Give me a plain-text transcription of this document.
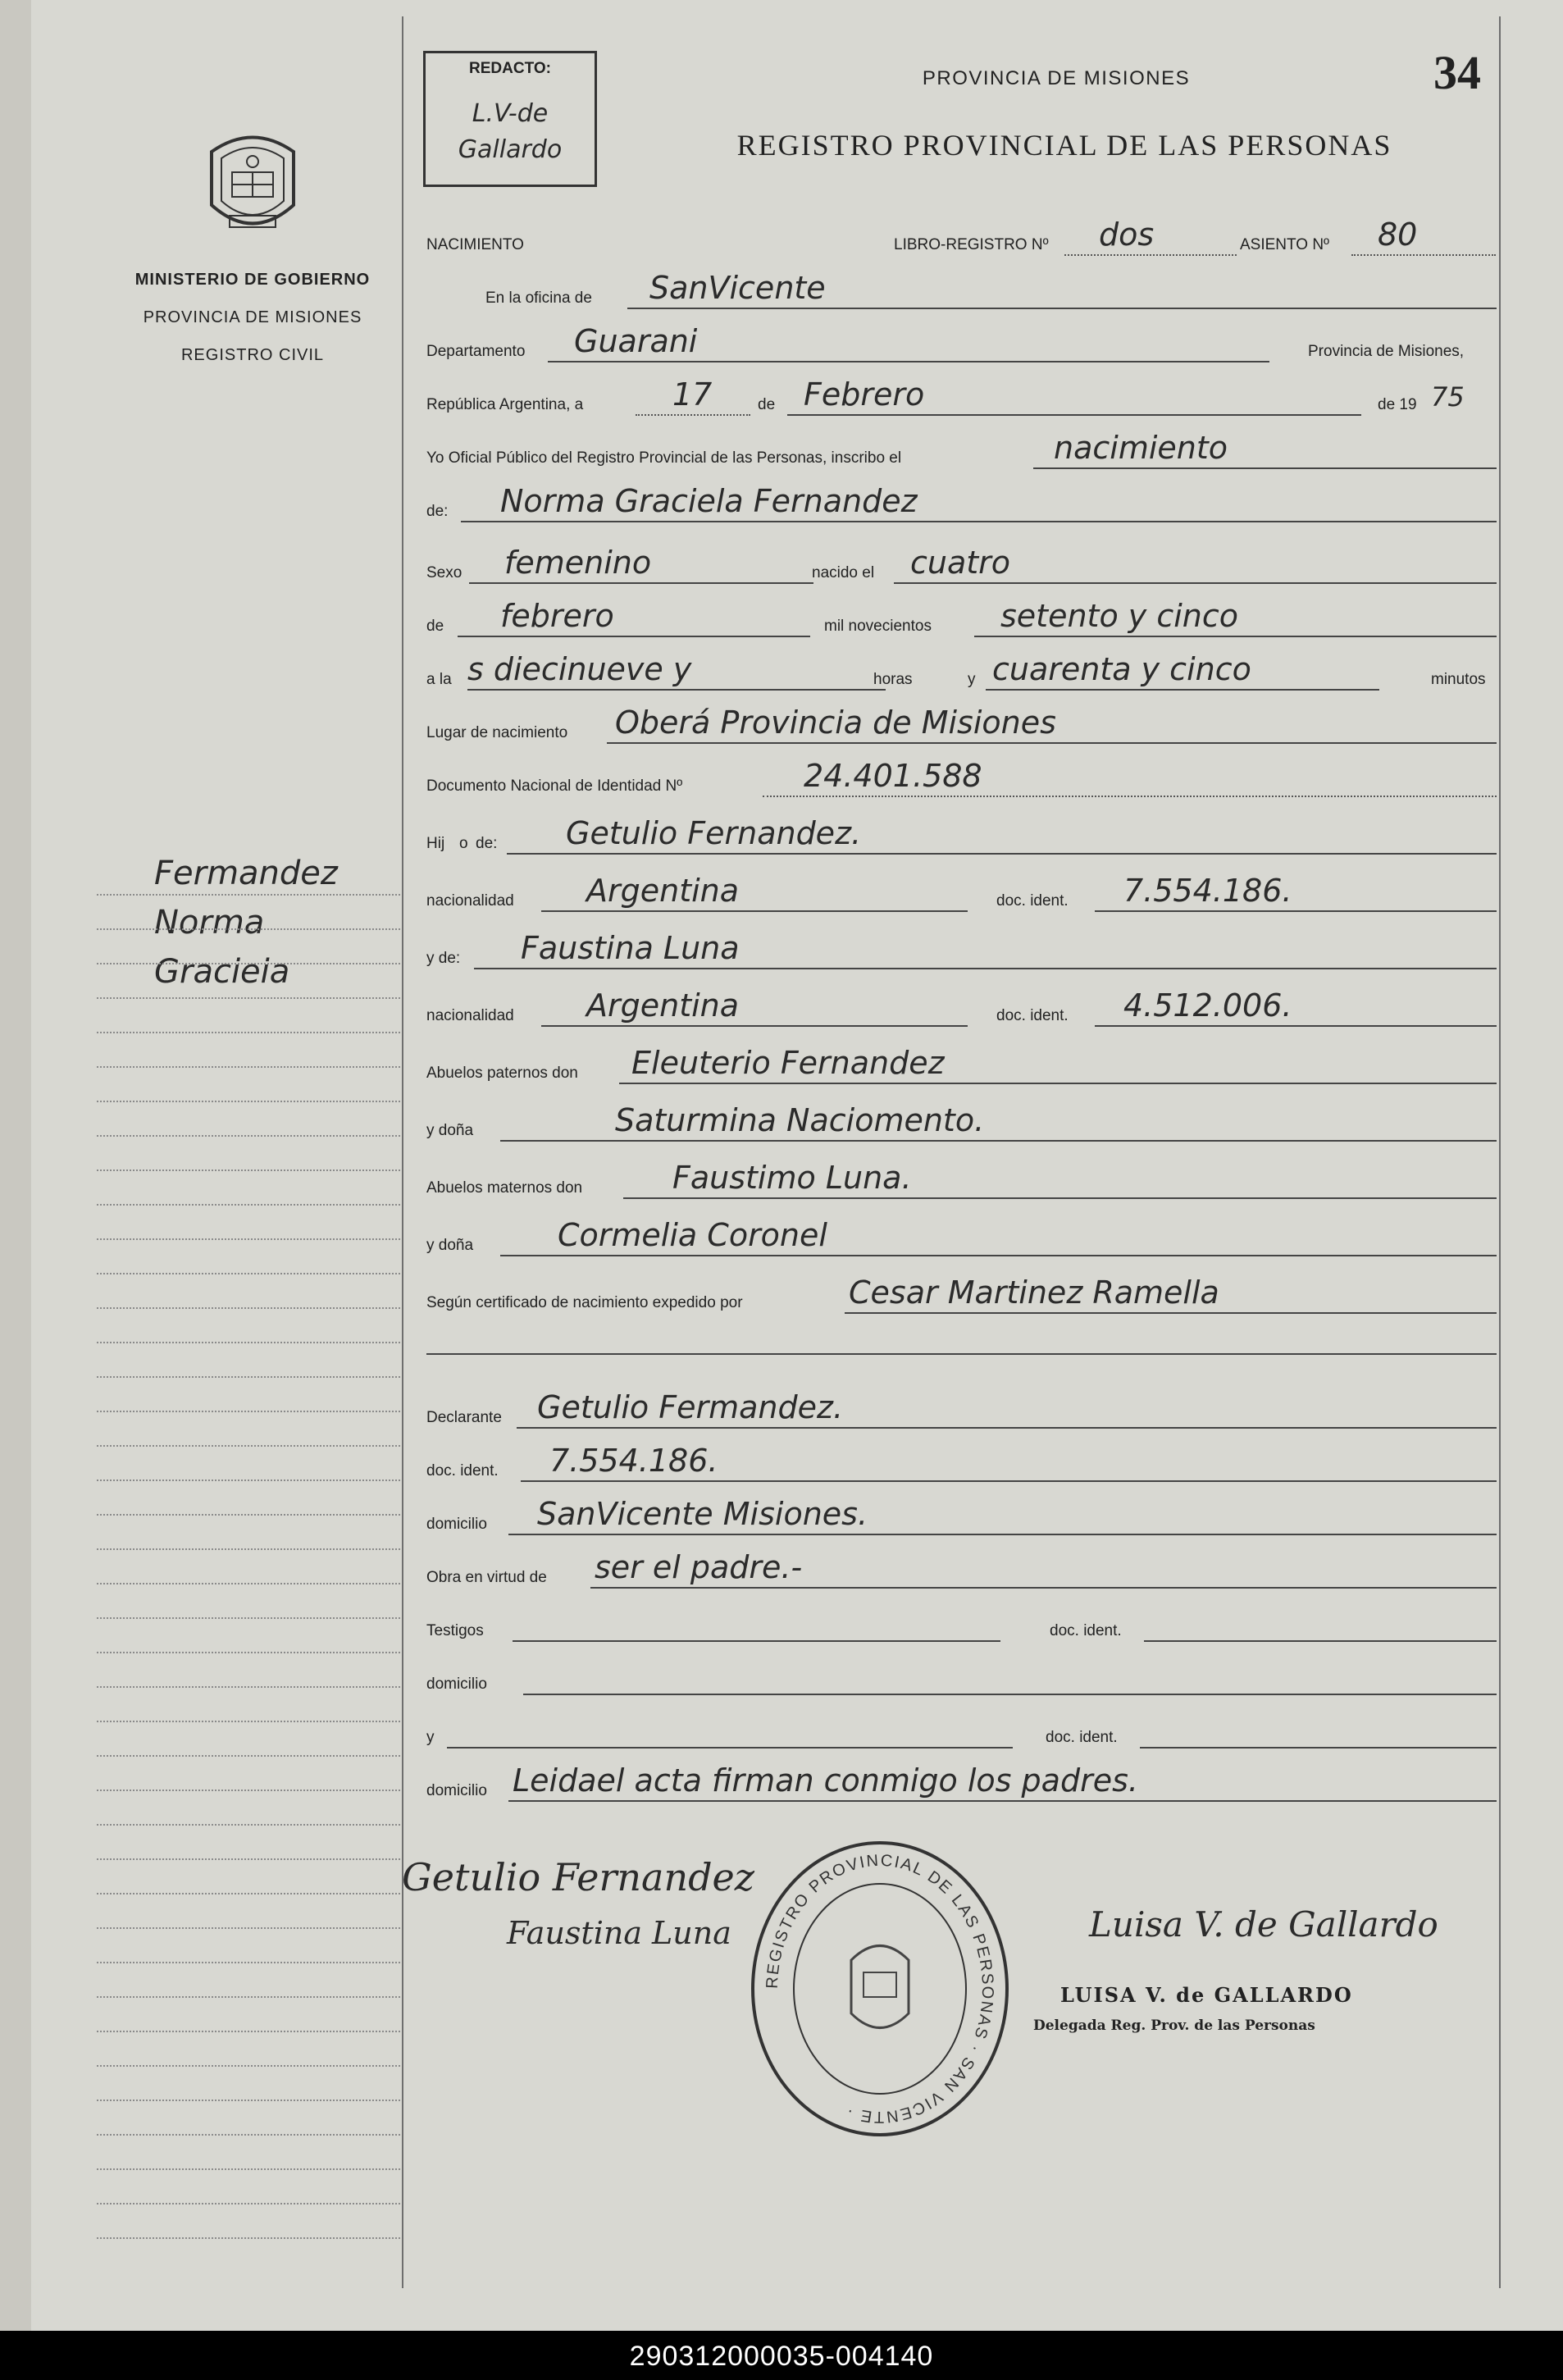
MINISTERIO DE GOBIERNO
PROVINCIA DE MISIONES
REGISTRO CIVIL
Fermandez
Norma
Gracieia
REDACTO:
L.V-de
Gallardo
PROVINCIA DE MISIONES
REGISTRO PROVINCIAL DE LAS PERSONAS
34
NACIMIENTO	LIBRO-REGISTRO Nº dos	ASIENTO Nº 80
En la oficina de SanVicente
Departamento Guarani	Provincia de Misiones,
República Argentina, a	17	de Febrero	de 19 75
Yo Oficial Público del Registro Provincial de las Personas, inscribo el	nacimiento
de: Norma Graciela Fernandez
Sexo femenino	nacido el cuatro
de febrero	mil novecientos setento y cinco
a la s diecinueve y	horas	y cuarenta y cinco	minutos
Lugar de nacimiento Oberá Provincia de Misiones
Documento Nacional de Identidad Nº	24.401.588
Hij o de: Getulio Fernandez.
nacionalidad Argentina	doc. ident. 7.554.186.
y de: Faustina Luna
nacionalidad Argentina	doc. ident. 4.512.006.
Abuelos paternos don Eleuterio Fernandez
y doña	Saturmina Naciomento.
Abuelos maternos don	Faustimo Luna.
y doña	Cormelia Coronel
Según certificado de nacimiento expedido por	Cesar Martinez Ramella
Declarante Getulio Fermandez.
doc. ident. 7.554.186.
domicilio SanVicente Misiones.
Obra en virtud de ser el padre.-
Testigos	doc. ident.
domicilio
y	doc. ident.
domicilio Leidael acta firman conmigo los padres.
Getulio Fernandez
Faustina Luna	Luisa V. de Gallardo
REGISTRO PROVINCIAL DE LAS PERSONAS · SAN VICENTE ·
LUISA V. de GALLARDO
Delegada Reg. Prov. de las Personas
290312000035-004140
